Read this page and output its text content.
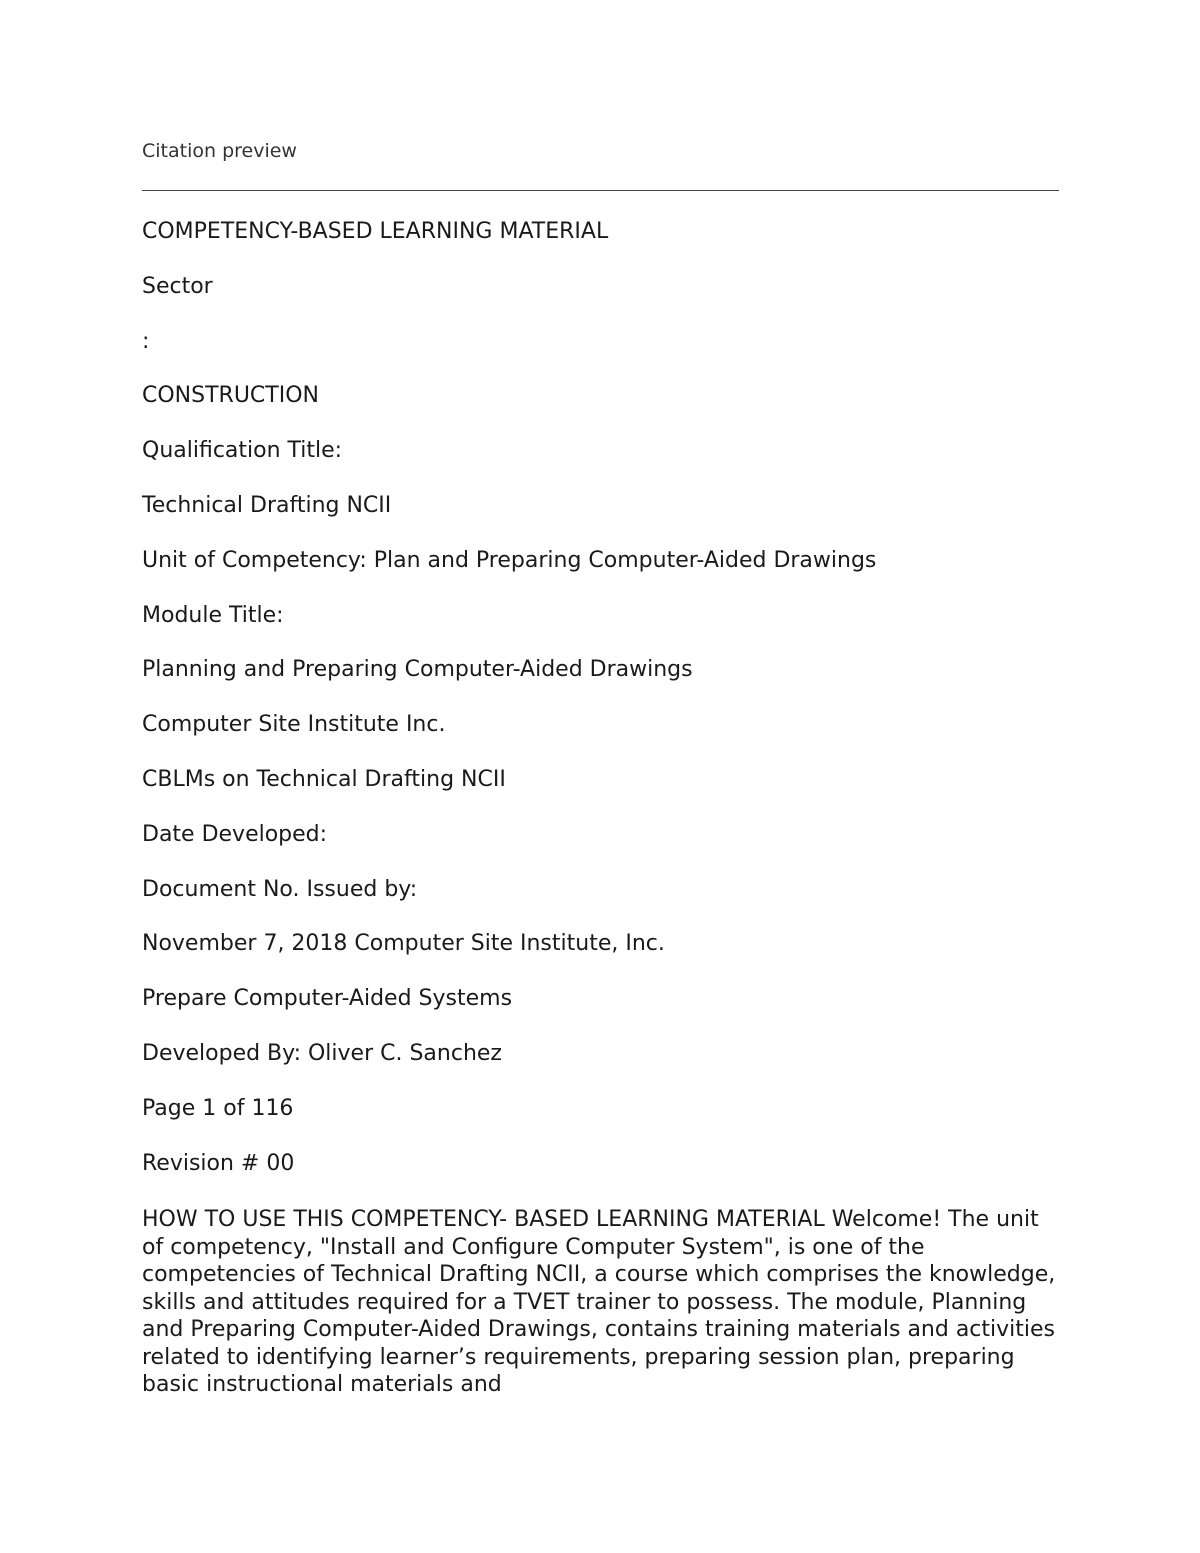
Citation preview
COMPETENCY-BASED LEARNING MATERIAL
Sector
:
CONSTRUCTION
Qualification Title:
Technical Drafting NCII
Unit of Competency: Plan and Preparing Computer-Aided Drawings
Module Title:
Planning and Preparing Computer-Aided Drawings
Computer Site Institute Inc.
CBLMs on Technical Drafting NCII
Date Developed:
Document No. Issued by:
November 7, 2018 Computer Site Institute, Inc.
Prepare Computer-Aided Systems
Developed By: Oliver C. Sanchez
Page 1 of 116
Revision # 00
HOW TO USE THIS COMPETENCY- BASED LEARNING MATERIAL Welcome! The unit of competency, "Install and Configure Computer System", is one of the competencies of Technical Drafting NCII, a course which comprises the knowledge, skills and attitudes required for a TVET trainer to possess. The module, Planning and Preparing Computer-Aided Drawings, contains training materials and activities related to identifying learner’s requirements, preparing session plan, preparing basic instructional materials and
